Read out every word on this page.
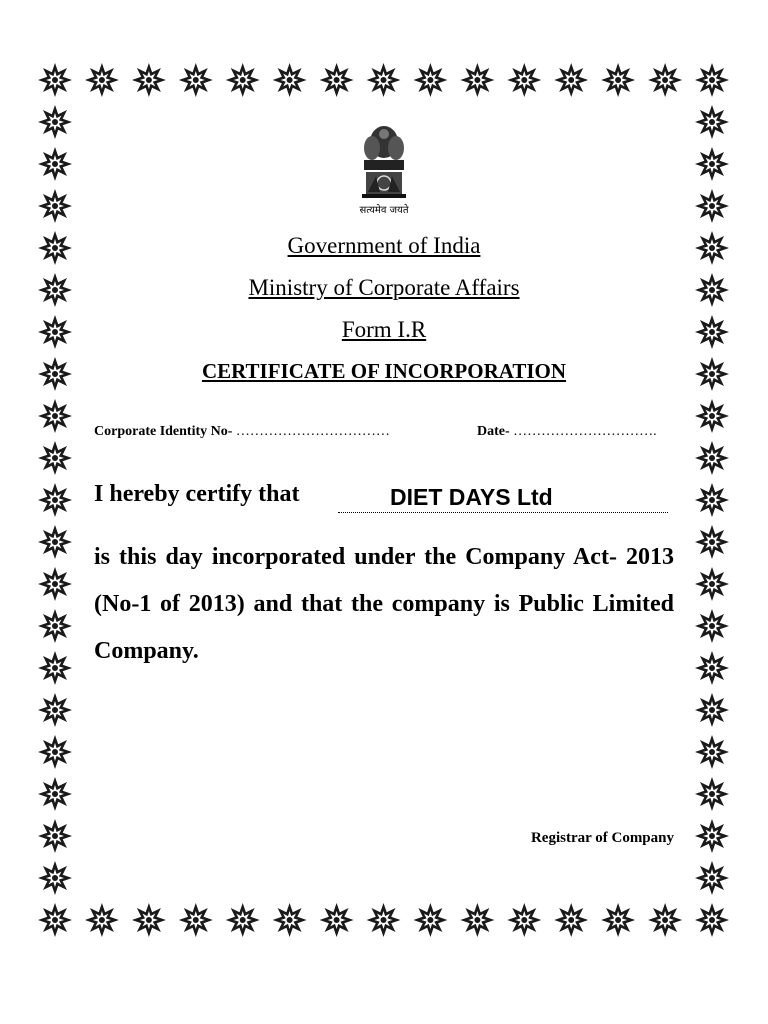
सत्यमेव जयते
Government of India
Ministry of Corporate Affairs
Form I.R
CERTIFICATE OF INCORPORATION
Corporate Identity No- ……………………………	Date- ………………………….
I hereby certify that	DIET DAYS Ltd
is this day incorporated under the Company Act- 2013 (No-1 of 2013) and that the company is Public Limited Company.
Registrar of Company
